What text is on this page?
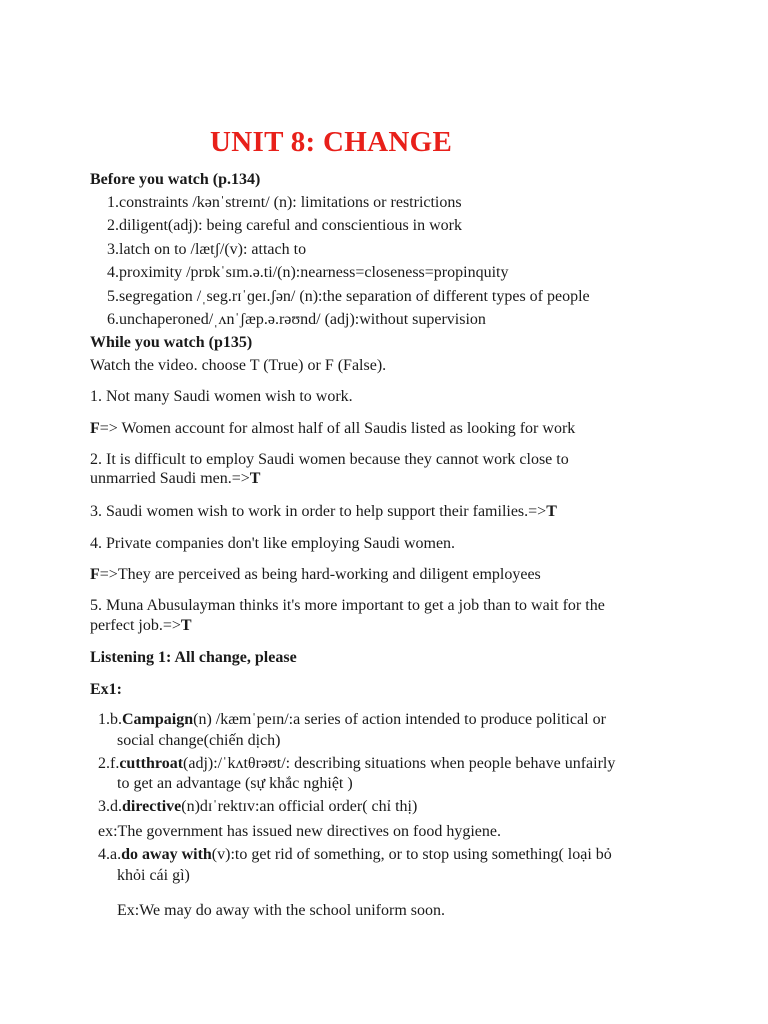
UNIT 8: CHANGE
Before you watch (p.134)
1.constraints /kənˈstreɪnt/ (n): limitations or restrictions
2.diligent(adj): being careful and conscientious in work
3.latch on to /lætʃ/(v): attach to
4.proximity /prɒkˈsɪm.ə.ti/(n):nearness=closeness=propinquity
5.segregation /ˌseg.rɪˈɡeɪ.ʃən/ (n):the separation of different types of people
6.unchaperoned/ˌʌnˈʃæp.ə.rəʊnd/ (adj):without supervision
While you watch (p135)
Watch the video. choose T (True) or F (False).
1. Not many Saudi women wish to work.
F=> Women account for almost half of all Saudis listed as looking for work
2. It is difficult to employ Saudi women because they cannot work close to
unmarried Saudi men.=>T
3. Saudi women wish to work in order to help support their families.=>T
4. Private companies don't like employing Saudi women.
F=>They are perceived as being hard-working and diligent employees
5. Muna Abusulayman thinks it's more important to get a job than to wait for the
perfect job.=>T
Listening 1: All change, please
Ex1:
1.b.Campaign(n) /kæmˈpeɪn/:a series of action intended to produce political or
social change(chiến dịch)
2.f.cutthroat(adj):/ˈkʌtθrəʊt/: describing situations when people behave unfairly
to get an advantage (sự khắc nghiệt )
3.d.directive(n)dɪˈrektɪv:an official order( chỉ thị)
ex:The government has issued new directives on food hygiene.
4.a.do away with(v):to get rid of something, or to stop using something( loại bỏ
khỏi cái gì)
Ex:We may do away with the school uniform soon.
